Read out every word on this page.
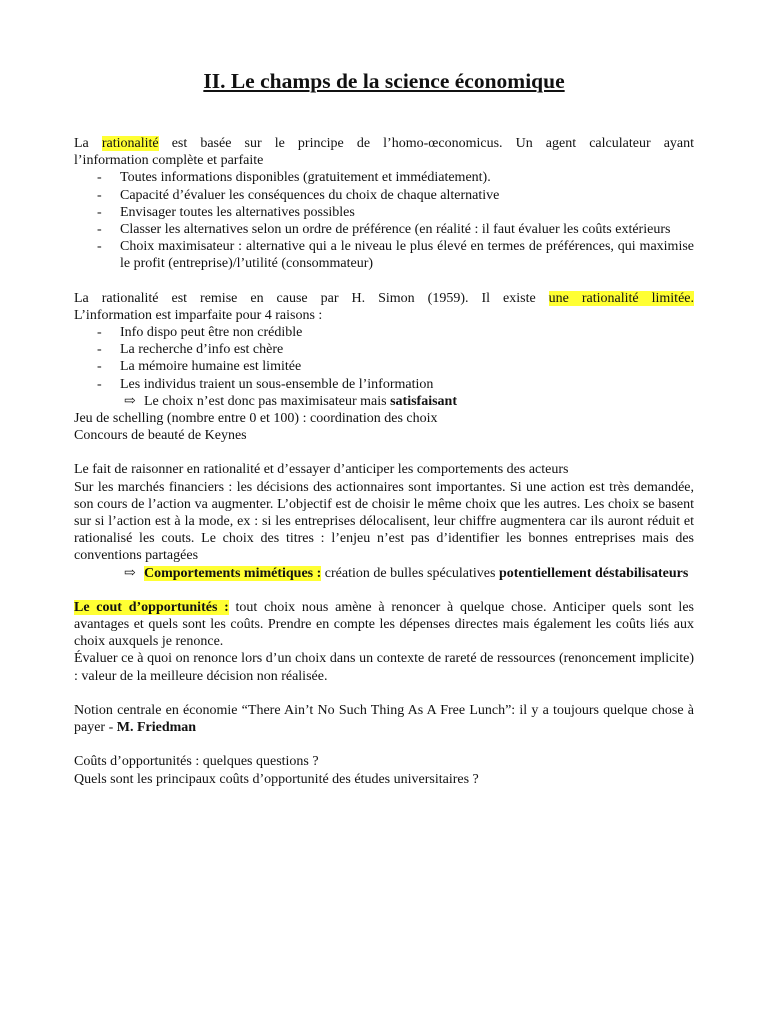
II. Le champs de la science économique
La rationalité est basée sur le principe de l’homo-œconomicus. Un agent calculateur ayant
l’information complète et parfaite
- Toutes informations disponibles (gratuitement et immédiatement).
- Capacité d’évaluer les conséquences du choix de chaque alternative
- Envisager toutes les alternatives possibles
- Classer les alternatives selon un ordre de préférence (en réalité : il faut évaluer les coûts extérieurs
- Choix maximisateur : alternative qui a le niveau le plus élevé en termes de préférences, qui maximise le profit (entreprise)/l’utilité (consommateur)
La rationalité est remise en cause par H. Simon (1959). Il existe une rationalité limitée.
L’information est imparfaite pour 4 raisons :
- Info dispo peut être non crédible
- La recherche d’info est chère
- La mémoire humaine est limitée
- Les individus traient un sous-ensemble de l’information
⇨ Le choix n’est donc pas maximisateur mais satisfaisant
Jeu de schelling (nombre entre 0 et 100) : coordination des choix
Concours de beauté de Keynes
Le fait de raisonner en rationalité et d’essayer d’anticiper les comportements des acteurs
Sur les marchés financiers : les décisions des actionnaires sont importantes. Si une action est très demandée, son cours de l’action va augmenter. L’objectif est de choisir le même choix que les autres. Les choix se basent sur si l’action est à la mode, ex : si les entreprises délocalisent, leur chiffre augmentera car ils auront réduit et rationalisé les couts. Le choix des titres : l’enjeu n’est pas d’identifier les bonnes entreprises mais des conventions partagées
⇨ Comportements mimétiques : création de bulles spéculatives potentiellement déstabilisateurs
Le cout d’opportunités : tout choix nous amène à renoncer à quelque chose. Anticiper quels sont les avantages et quels sont les coûts. Prendre en compte les dépenses directes mais également les coûts liés aux choix auxquels je renonce.
Évaluer ce à quoi on renonce lors d’un choix dans un contexte de rareté de ressources (renoncement implicite) : valeur de la meilleure décision non réalisée.
Notion centrale en économie “There Ain’t No Such Thing As A Free Lunch”: il y a toujours quelque chose à payer - M. Friedman
Coûts d’opportunités : quelques questions ?
Quels sont les principaux coûts d’opportunité des études universitaires ?
